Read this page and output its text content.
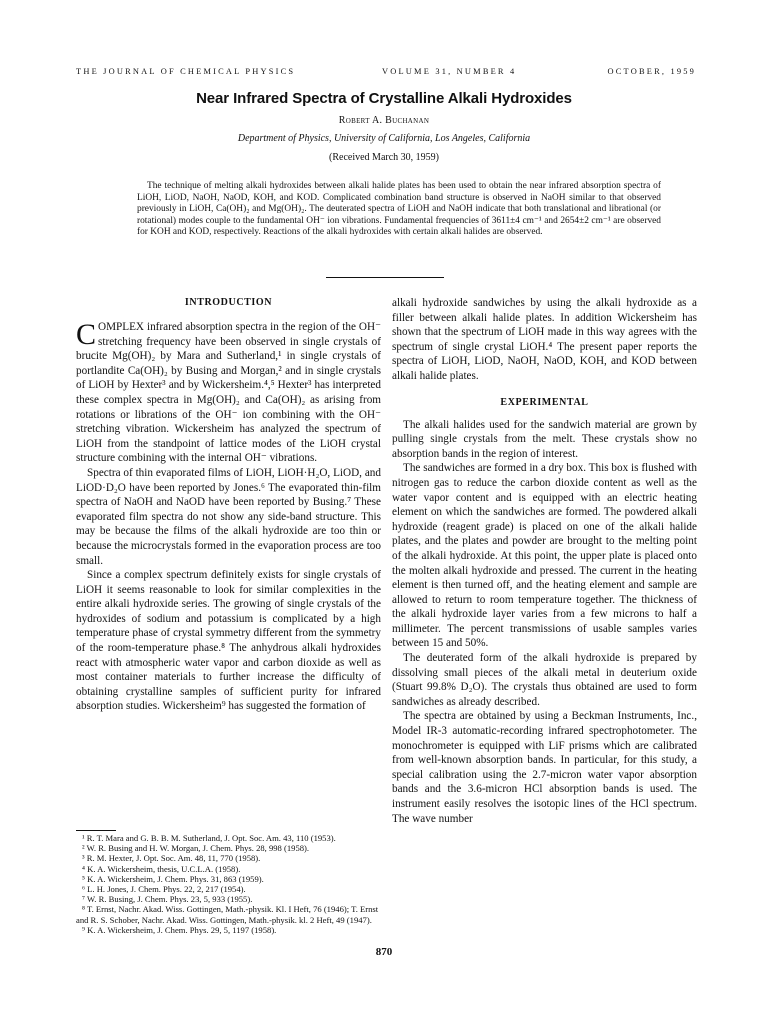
THE JOURNAL OF CHEMICAL PHYSICS	VOLUME 31, NUMBER 4	OCTOBER, 1959
Near Infrared Spectra of Crystalline Alkali Hydroxides
Robert A. Buchanan
Department of Physics, University of California, Los Angeles, California
(Received March 30, 1959)
The technique of melting alkali hydroxides between alkali halide plates has been used to obtain the near infrared absorption spectra of LiOH, LiOD, NaOH, NaOD, KOH, and KOD. Complicated combination band structure is observed in NaOH similar to that observed previously in LiOH, Ca(OH)₂ and Mg(OH)₂. The deuterated spectra of LiOH and NaOH indicate that both translational and librational (or rotational) modes couple to the fundamental OH⁻ ion vibrations. Fundamental frequencies of 3611±4 cm⁻¹ and 2654±2 cm⁻¹ are observed for KOH and KOD, respectively. Reactions of the alkali hydroxides with certain alkali halides are observed.
INTRODUCTION

COMPLEX infrared absorption spectra in the region of the OH⁻ stretching frequency have been observed in single crystals of brucite Mg(OH)₂ by Mara and Sutherland,¹ in single crystals of portlandite Ca(OH)₂ by Busing and Morgan,² and in single crystals of LiOH by Hexter³ and by Wickersheim.⁴,⁵ Hexter³ has interpreted these complex spectra in Mg(OH)₂ and Ca(OH)₂ as arising from rotations or librations of the OH⁻ ion combining with the OH⁻ stretching vibration. Wickersheim has analyzed the spectrum of LiOH from the standpoint of lattice modes of the LiOH crystal structure combining with the internal OH⁻ vibrations.

Spectra of thin evaporated films of LiOH, LiOH·H₂O, LiOD, and LiOD·D₂O have been reported by Jones.⁶ The evaporated thin-film spectra of NaOH and NaOD have been reported by Busing.⁷ These evaporated film spectra do not show any side-band structure. This may be because the films of the alkali hydroxide are too thin or because the microcrystals formed in the evaporation process are too small.

Since a complex spectrum definitely exists for single crystals of LiOH it seems reasonable to look for similar complexities in the entire alkali hydroxide series. The growing of single crystals of the hydroxides of sodium and potassium is complicated by a high temperature phase of crystal symmetry different from the symmetry of the room-temperature phase.⁸ The anhydrous alkali hydroxides react with atmospheric water vapor and carbon dioxide as well as most container materials to further increase the difficulty of obtaining crystalline samples of sufficient purity for infrared absorption studies. Wickersheim⁹ has suggested the formation of

¹ R. T. Mara and G. B. B. M. Sutherland, J. Opt. Soc. Am. 43, 110 (1953).

² W. R. Busing and H. W. Morgan, J. Chem. Phys. 28, 998 (1958).

³ R. M. Hexter, J. Opt. Soc. Am. 48, 11, 770 (1958).

⁴ K. A. Wickersheim, thesis, U.C.L.A. (1958).

⁵ K. A. Wickersheim, J. Chem. Phys. 31, 863 (1959).

⁶ L. H. Jones, J. Chem. Phys. 22, 2, 217 (1954).

⁷ W. R. Busing, J. Chem. Phys. 23, 5, 933 (1955).

⁸ T. Ernst, Nachr. Akad. Wiss. Gottingen, Math.-physik. Kl. I Heft, 76 (1946); T. Ernst and R. S. Schober, Nachr. Akad. Wiss. Gottingen, Math.-physik. kl. 2 Heft, 49 (1947).

⁹ K. A. Wickersheim, J. Chem. Phys. 29, 5, 1197 (1958).

alkali hydroxide sandwiches by using the alkali hydroxide as a filler between alkali halide plates. In addition Wickersheim has shown that the spectrum of LiOH made in this way agrees with the spectrum of single crystal LiOH.⁴ The present paper reports the spectra of LiOH, LiOD, NaOH, NaOD, KOH, and KOD between alkali halide plates.

EXPERIMENTAL

The alkali halides used for the sandwich material are grown by pulling single crystals from the melt. These crystals show no absorption bands in the region of interest.

The sandwiches are formed in a dry box. This box is flushed with nitrogen gas to reduce the carbon dioxide content as well as the water vapor content and is equipped with an electric heating element on which the sandwiches are formed. The powdered alkali hydroxide (reagent grade) is placed on one of the alkali halide plates, and the plates and powder are brought to the melting point of the alkali hydroxide. At this point, the upper plate is placed onto the molten alkali hydroxide and pressed. The current in the heating element is then turned off, and the heating element and sample are allowed to return to room temperature together. The thickness of the alkali hydroxide layer varies from a few microns to half a millimeter. The percent transmissions of usable samples varies between 15 and 50%.

The deuterated form of the alkali hydroxide is prepared by dissolving small pieces of the alkali metal in deuterium oxide (Stuart 99.8% D₂O). The crystals thus obtained are used to form sandwiches as already described.

The spectra are obtained by using a Beckman Instruments, Inc., Model IR-3 automatic-recording infrared spectrophotometer. The monochrometer is equipped with LiF prisms which are calibrated from well-known absorption bands. In particular, for this study, a special calibration using the 2.7-micron water vapor absorption bands and the 3.6-micron HCl absorption bands is used. The instrument easily resolves the isotopic lines of the HCl spectrum. The wave number

870
